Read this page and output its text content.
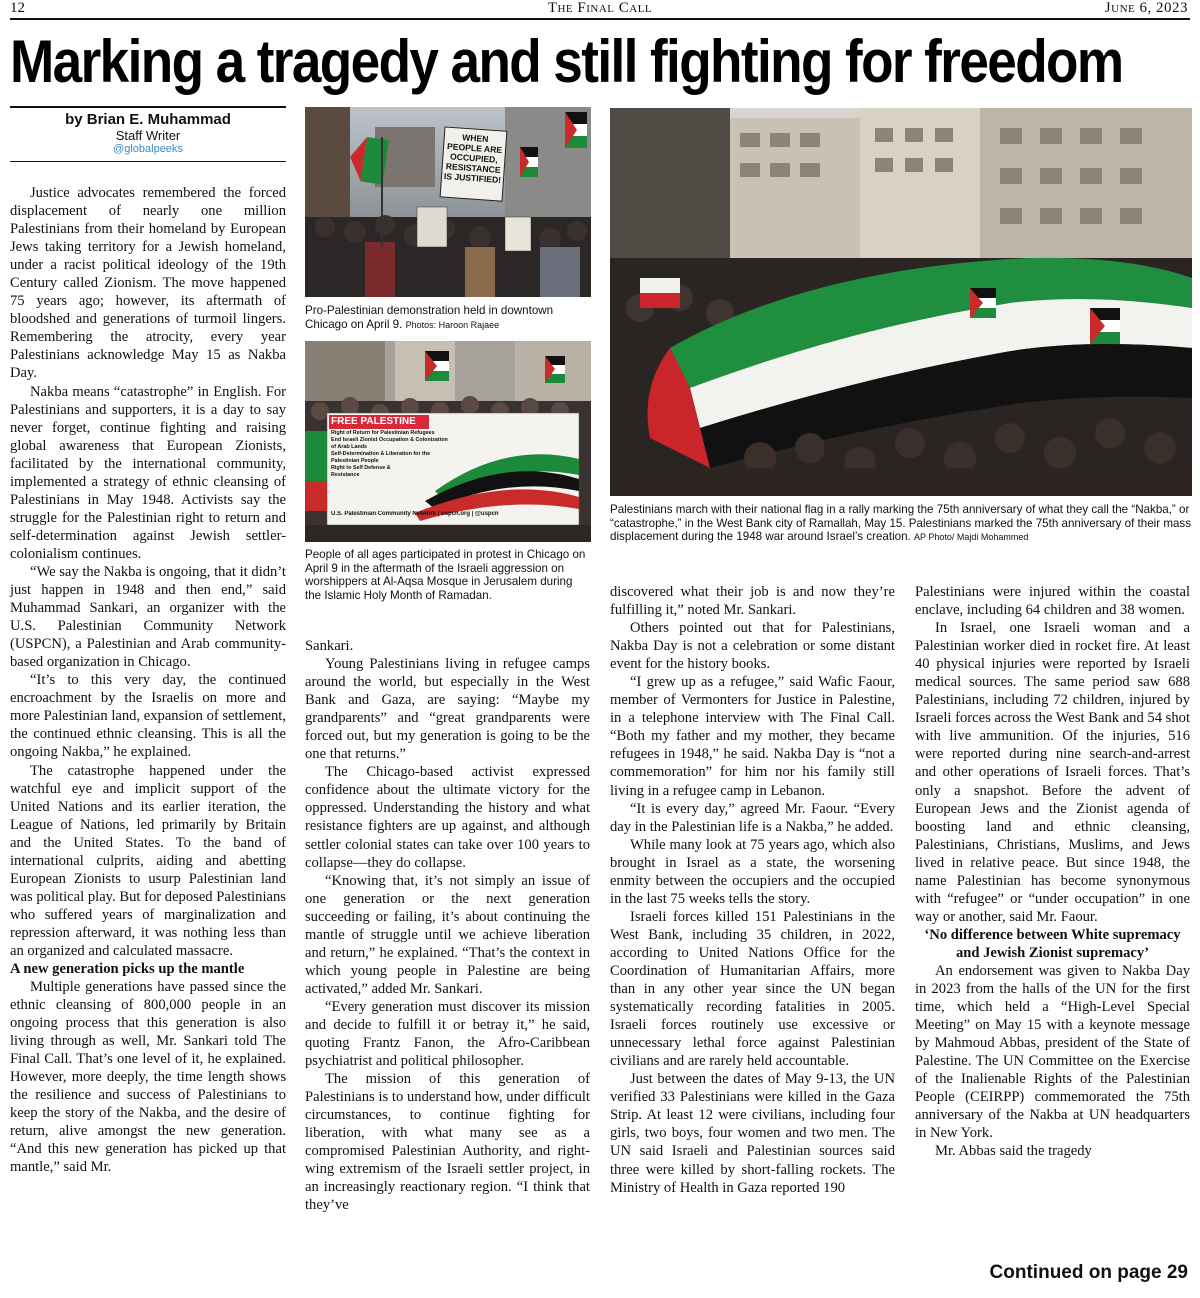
12	The Final Call	June 6, 2023
Marking a tragedy and still fighting for freedom
by Brian E. Muhammad
Staff Writer
@globalpeeks

Justice advocates remembered the forced displacement of nearly one million Palestinians from their homeland by European Jews taking territory for a Jewish homeland, under a racist political ideology of the 19th Century called Zionism. The move happened 75 years ago; however, its aftermath of bloodshed and generations of turmoil lingers. Remembering the atrocity, every year Palestinians acknowledge May 15 as Nakba Day.

Nakba means “catastrophe” in English. For Palestinians and supporters, it is a day to say never forget, continue fighting and raising global awareness that European Zionists, facilitated by the international community, implemented a strategy of ethnic cleansing of Palestinians in May 1948. Activists say the struggle for the Palestinian right to return and self-determination against Jewish settler-colonialism continues.

“We say the Nakba is ongoing, that it didn’t just happen in 1948 and then end,” said Muhammad Sankari, an organizer with the U.S. Palestinian Community Network (USPCN), a Palestinian and Arab community-based organization in Chicago.

“It’s to this very day, the continued encroachment by the Israelis on more and more Palestinian land, expansion of settlement, the continued ethnic cleansing. This is all the ongoing Nakba,” he explained.

The catastrophe happened under the watchful eye and implicit support of the United Nations and its earlier iteration, the League of Nations, led primarily by Britain and the United States. To the band of international culprits, aiding and abetting European Zionists to usurp Palestinian land was political play. But for deposed Palestinians who suffered years of marginalization and repression afterward, it was nothing less than an organized and calculated massacre.

A new generation picks up the mantle

Multiple generations have passed since the ethnic cleansing of 800,000 people in an ongoing process that this generation is also living through as well, Mr. Sankari told The Final Call. That’s one level of it, he explained. However, more deeply, the time length shows the resilience and success of Palestinians to keep the story of the Nakba, and the desire of return, alive amongst the new generation. “And this new generation has picked up that mantle,” said Mr.

WHEN PEOPLE ARE OCCUPIED, RESISTANCE IS JUSTIFIED!
Pro-Palestinian demonstration held in downtown Chicago on April 9. Photos: Haroon Rajaee
FREE PALESTINE
Right of Return for Palestinian Refugees
End Israeli Zionist Occupation & Colonization
of Arab Lands
Self-Determination & Liberation for the
Palestinian People
Right to Self Defense &
Resistance
U.S. Palestinian Community Network | uspcn.org | @uspcn
People of all ages participated in protest in Chicago on April 9 in the aftermath of the Israeli aggression on worshippers at Al-Aqsa Mosque in Jerusalem during the Islamic Holy Month of Ramadan.
Palestinians march with their national flag in a rally marking the 75th anniversary of what they call the “Nakba,” or “catastrophe,” in the West Bank city of Ramallah, May 15. Palestinians marked the 75th anniversary of their mass displacement during the 1948 war around Israel’s creation. AP Photo/ Majdi Mohammed

Sankari.

Young Palestinians living in refugee camps around the world, but especially in the West Bank and Gaza, are saying: “Maybe my grandparents” and “great grandparents were forced out, but my generation is going to be the one that returns.”

The Chicago-based activist expressed confidence about the ultimate victory for the oppressed. Understanding the history and what resistance fighters are up against, and although settler colonial states can take over 100 years to collapse—they do collapse.

“Knowing that, it’s not simply an issue of one generation or the next generation succeeding or failing, it’s about continuing the mantle of struggle until we achieve liberation and return,” he explained. “That’s the context in which young people in Palestine are being activated,” added Mr. Sankari.

“Every generation must discover its mission and decide to fulfill it or betray it,” he said, quoting Frantz Fanon, the Afro-Caribbean psychiatrist and political philosopher.

The mission of this generation of Palestinians is to understand how, under difficult circumstances, to continue fighting for liberation, with what many see as a compromised Palestinian Authority, and right-wing extremism of the Israeli settler project, in an increasingly reactionary region. “I think that they’ve

discovered what their job is and now they’re fulfilling it,” noted Mr. Sankari.

Others pointed out that for Palestinians, Nakba Day is not a celebration or some distant event for the history books.

“I grew up as a refugee,” said Wafic Faour, member of Vermonters for Justice in Palestine, in a telephone interview with The Final Call. “Both my father and my mother, they became refugees in 1948,” he said. Nakba Day is “not a commemoration” for him nor his family still living in a refugee camp in Lebanon.

“It is every day,” agreed Mr. Faour. “Every day in the Palestinian life is a Nakba,” he added.

While many look at 75 years ago, which also brought in Israel as a state, the worsening enmity between the occupiers and the occupied in the last 75 weeks tells the story.

Israeli forces killed 151 Palestinians in the West Bank, including 35 children, in 2022, according to United Nations Office for the Coordination of Humanitarian Affairs, more than in any other year since the UN began systematically recording fatalities in 2005. Israeli forces routinely use excessive or unnecessary lethal force against Palestinian civilians and are rarely held accountable.

Just between the dates of May 9-13, the UN verified 33 Palestinians were killed in the Gaza Strip. At least 12 were civilians, including four girls, two boys, four women and two men. The UN said Israeli and Palestinian sources said three were killed by short-falling rockets. The Ministry of Health in Gaza reported 190

Palestinians were injured within the coastal enclave, including 64 children and 38 women.

In Israel, one Israeli woman and a Palestinian worker died in rocket fire. At least 40 physical injuries were reported by Israeli medical sources. The same period saw 688 Palestinians, including 72 children, injured by Israeli forces across the West Bank and 54 shot with live ammunition. Of the injuries, 516 were reported during nine search-and-arrest and other operations of Israeli forces. That’s only a snapshot. Before the advent of European Jews and the Zionist agenda of boosting land and ethnic cleansing, Palestinians, Christians, Muslims, and Jews lived in relative peace. But since 1948, the name Palestinian has become synonymous with “refugee” or “under occupation” in one way or another, said Mr. Faour.

‘No difference between White supremacy and Jewish Zionist supremacy’

An endorsement was given to Nakba Day in 2023 from the halls of the UN for the first time, which held a “High-Level Special Meeting” on May 15 with a keynote message by Mahmoud Abbas, president of the State of Palestine. The UN Committee on the Exercise of the Inalienable Rights of the Palestinian People (CEIRPP) commemorated the 75th anniversary of the Nakba at UN headquarters in New York.

Mr. Abbas said the tragedy

Continued on page 29
